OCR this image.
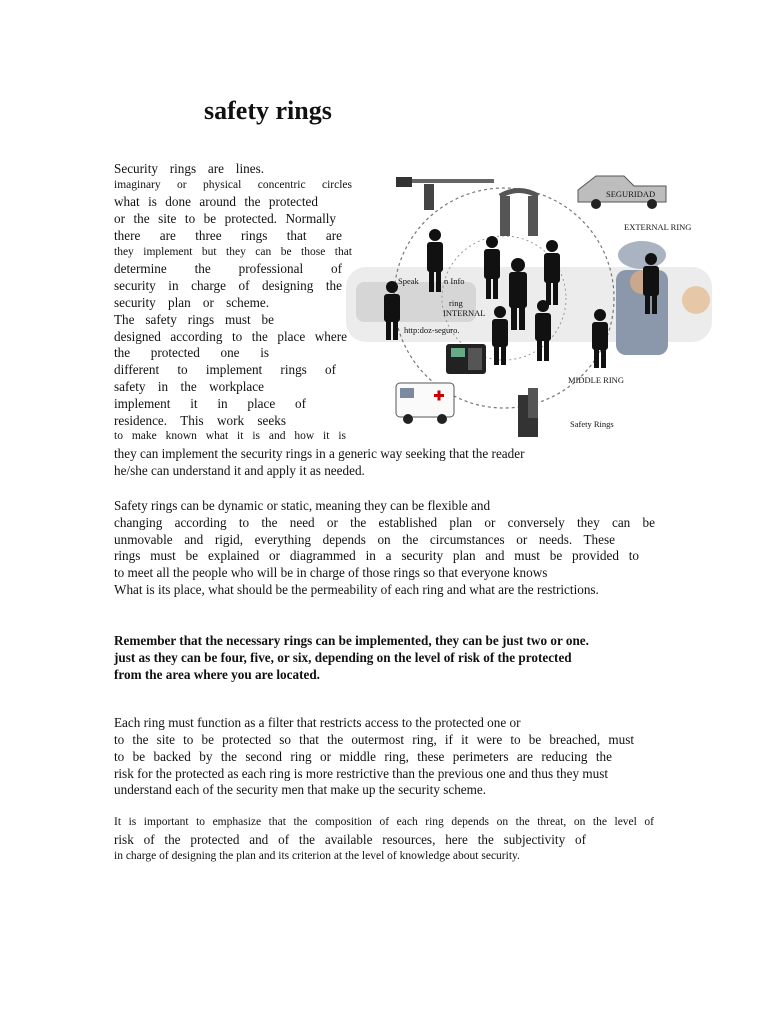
safety rings
Security rings are lines.
imaginary or physical concentric circles
what is done around the protected
or the site to be protected. Normally
there are three rings that are
they implement but they can be those that
determine the professional of
security in charge of designing the
security plan or scheme.
The safety rings must be
designed according to the place where
the protected one is
different to implement rings of
safety in the workplace
implement it in place of
residence. This work seeks
to make known what it is and how it is
they can implement the security rings in a generic way seeking that the reader
he/she can understand it and apply it as needed.
Safety rings can be dynamic or static, meaning they can be flexible and
changing according to the need or the established plan or conversely they can be
unmovable and rigid, everything depends on the circumstances or needs. These
rings must be explained or diagrammed in a security plan and must be provided to
to meet all the people who will be in charge of those rings so that everyone knows
What is its place, what should be the permeability of each ring and what are the restrictions.
Remember that the necessary rings can be implemented, they can be just two or one.
just as they can be four, five, or six, depending on the level of risk of the protected
from the area where you are located.
Each ring must function as a filter that restricts access to the protected one or
to the site to be protected so that the outermost ring, if it were to be breached, must
to be backed by the second ring or middle ring, these perimeters are reducing the
risk for the protected as each ring is more restrictive than the previous one and thus they must
understand each of the security men that make up the security scheme.
It is important to emphasize that the composition of each ring depends on the threat, on the level of
risk of the protected and of the available resources, here the subjectivity of
in charge of designing the plan and its criterion at the level of knowledge about security.
SEGURIDAD
EXTERNAL RING
MIDDLE RING
Safety Rings
Speak	n Info
ring
INTERNAL
http:doz-seguro.
